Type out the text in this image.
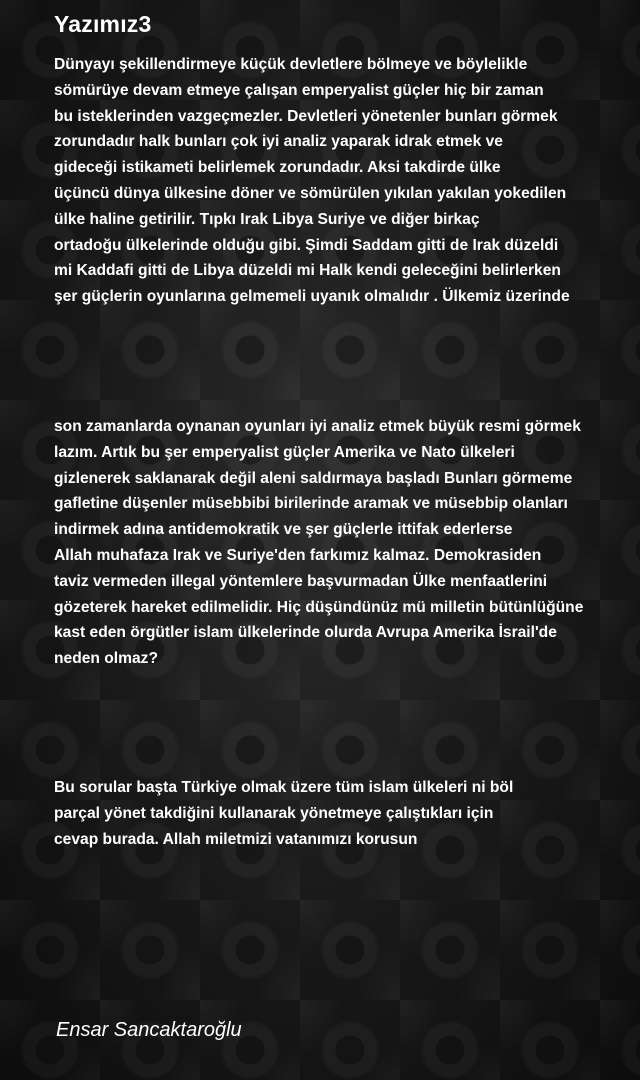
Yazımız3
Dünyayı şekillendirmeye küçük devletlere bölmeye ve böylelikle
sömürüye devam etmeye çalışan emperyalist güçler hiç bir zaman
bu isteklerinden vazgeçmezler. Devletleri yönetenler bunları görmek
zorundadır halk bunları çok iyi analiz yaparak idrak etmek ve
gideceği istikameti belirlemek zorundadır. Aksi takdirde ülke
üçüncü dünya ülkesine döner ve sömürülen yıkılan yakılan yokedilen
ülke haline getirilir. Tıpkı Irak Libya Suriye ve diğer birkaç
ortadoğu ülkelerinde olduğu gibi. Şimdi Saddam gitti de Irak düzeldi
mi Kaddafi gitti de Libya düzeldi mi Halk kendi geleceğini belirlerken
şer güçlerin oyunlarına gelmemeli uyanık olmalıdır . Ülkemiz üzerinde
son zamanlarda oynanan oyunları iyi analiz etmek büyük resmi görmek
lazım. Artık bu şer emperyalist güçler Amerika ve Nato ülkeleri
gizlenerek saklanarak değil aleni saldırmaya başladı Bunları görmeme
gafletine düşenler müsebbibi birilerinde aramak ve müsebbip olanları
indirmek adına antidemokratik ve şer güçlerle ittifak ederlerse
Allah muhafaza Irak ve Suriye'den farkımız kalmaz. Demokrasiden
taviz vermeden illegal yöntemlere başvurmadan Ülke menfaatlerini
gözeterek hareket edilmelidir. Hiç düşündünüz mü milletin bütünlüğüne
kast eden örgütler islam ülkelerinde olurda Avrupa Amerika İsrail'de
neden olmaz?
Bu sorular başta Türkiye olmak üzere tüm islam ülkeleri ni böl
parçal yönet takdiğini kullanarak yönetmeye çalıştıkları için
cevap burada. Allah miletmizi vatanımızı korusun
Ensar Sancaktaroğlu
